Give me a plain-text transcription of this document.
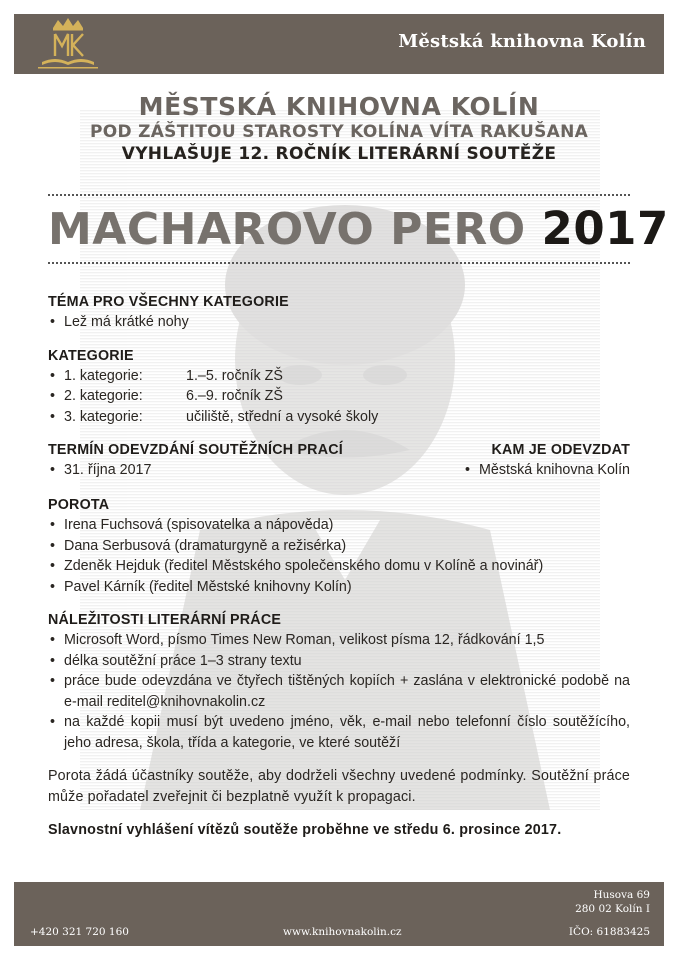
Městská knihovna Kolín
MĚSTSKÁ KNIHOVNA KOLÍN
POD ZÁŠTITOU STAROSTY KOLÍNA VÍTA RAKUŠANA
VYHLAŠUJE 12. ROČNÍK LITERÁRNÍ SOUTĚŽE
MACHAROVO PERO 2017
TÉMA PRO VŠECHNY KATEGORIE
• Lež má krátké nohy
KATEGORIE
• 1. kategorie:	1.–5. ročník ZŠ
• 2. kategorie:	6.–9. ročník ZŠ
• 3. kategorie:	učiliště, střední a vysoké školy
TERMÍN ODEVZDÁNÍ SOUTĚŽNÍCH PRACÍ
• 31. října 2017
KAM JE ODEVZDAT
• Městská knihovna Kolín
POROTA
• Irena Fuchsová (spisovatelka a nápověda)
• Dana Serbusová (dramaturgyně a režisérka)
• Zdeněk Hejduk (ředitel Městského společenského domu v Kolíně a novinář)
• Pavel Kárník (ředitel Městské knihovny Kolín)
NÁLEŽITOSTI LITERÁRNÍ PRÁCE
• Microsoft Word, písmo Times New Roman, velikost písma 12, řádkování 1,5
• délka soutěžní práce 1–3 strany textu
• práce bude odevzdána ve čtyřech tištěných kopiích + zaslána v elektronické podobě na e-mail reditel@knihovnakolin.cz
• na každé kopii musí být uvedeno jméno, věk, e-mail nebo telefonní číslo soutěžícího, jeho adresa, škola, třída a kategorie, ve které soutěží

Porota žádá účastníky soutěže, aby dodrželi všechny uvedené podmínky. Soutěžní práce může pořadatel zveřejnit či bezplatně využít k propagaci.

Slavnostní vyhlášení vítězů soutěže proběhne ve středu 6. prosince 2017.
Husova 69
280 02 Kolín I
+420 321 720 160	www.knihovnakolin.cz	IČO: 61883425
